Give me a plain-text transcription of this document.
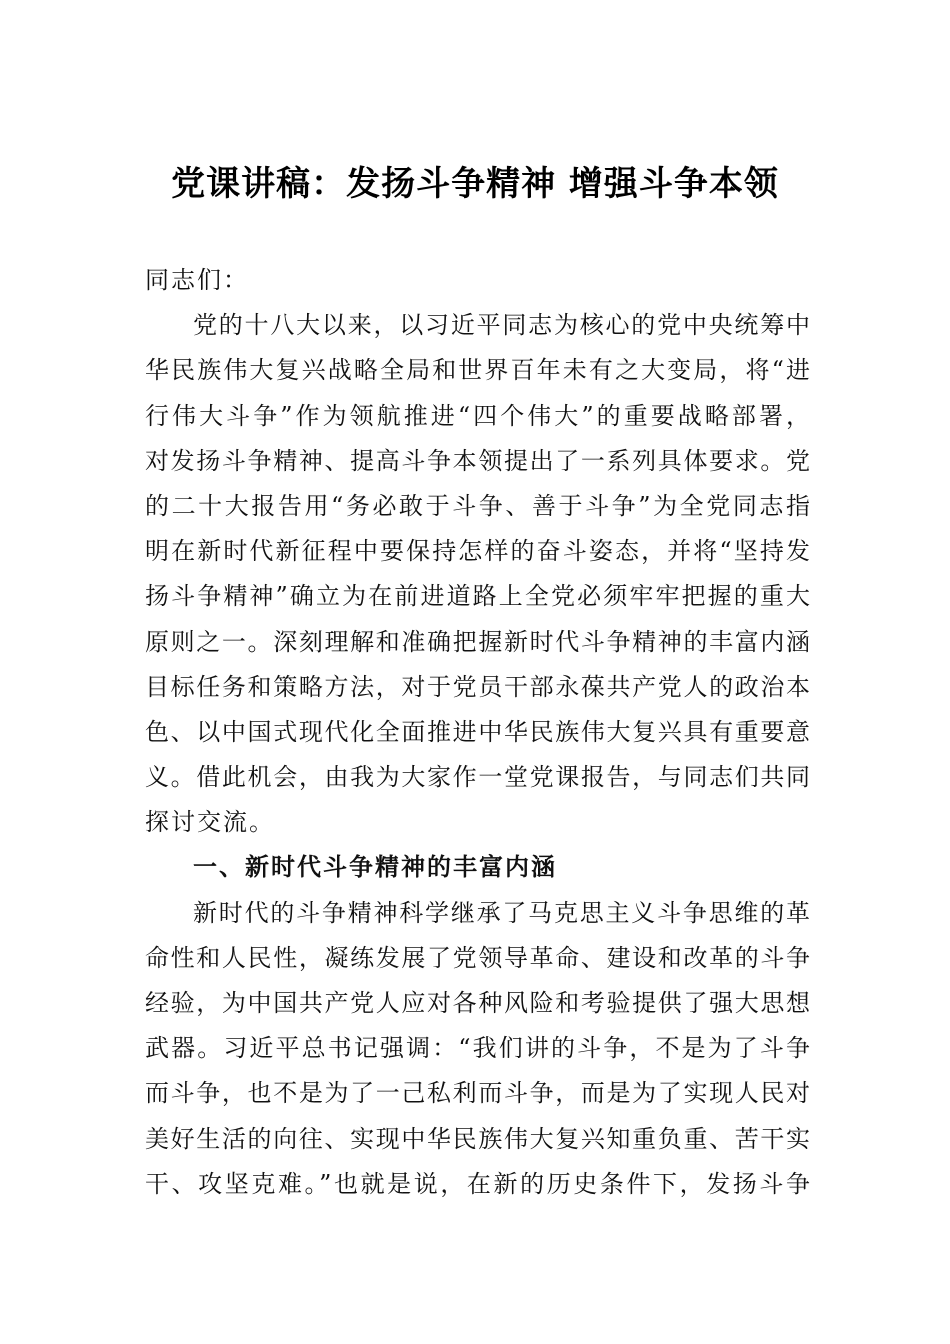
党课讲稿：发扬斗争精神 增强斗争本领
同志们：
党的十八大以来，以习近平同志为核心的党中央统筹中
华民族伟大复兴战略全局和世界百年未有之大变局，将“进
行伟大斗争”作为领航推进“四个伟大”的重要战略部署，
对发扬斗争精神、提高斗争本领提出了一系列具体要求。党
的二十大报告用“务必敢于斗争、善于斗争”为全党同志指
明在新时代新征程中要保持怎样的奋斗姿态，并将“坚持发
扬斗争精神”确立为在前进道路上全党必须牢牢把握的重大
原则之一。深刻理解和准确把握新时代斗争精神的丰富内涵
目标任务和策略方法，对于党员干部永葆共产党人的政治本
色、以中国式现代化全面推进中华民族伟大复兴具有重要意
义。借此机会，由我为大家作一堂党课报告，与同志们共同
探讨交流。
一、新时代斗争精神的丰富内涵
新时代的斗争精神科学继承了马克思主义斗争思维的革
命性和人民性，凝练发展了党领导革命、建设和改革的斗争
经验，为中国共产党人应对各种风险和考验提供了强大思想
武器。习近平总书记强调：“我们讲的斗争，不是为了斗争
而斗争，也不是为了一己私利而斗争，而是为了实现人民对
美好生活的向往、实现中华民族伟大复兴知重负重、苦干实
干、攻坚克难。”也就是说，在新的历史条件下，发扬斗争
